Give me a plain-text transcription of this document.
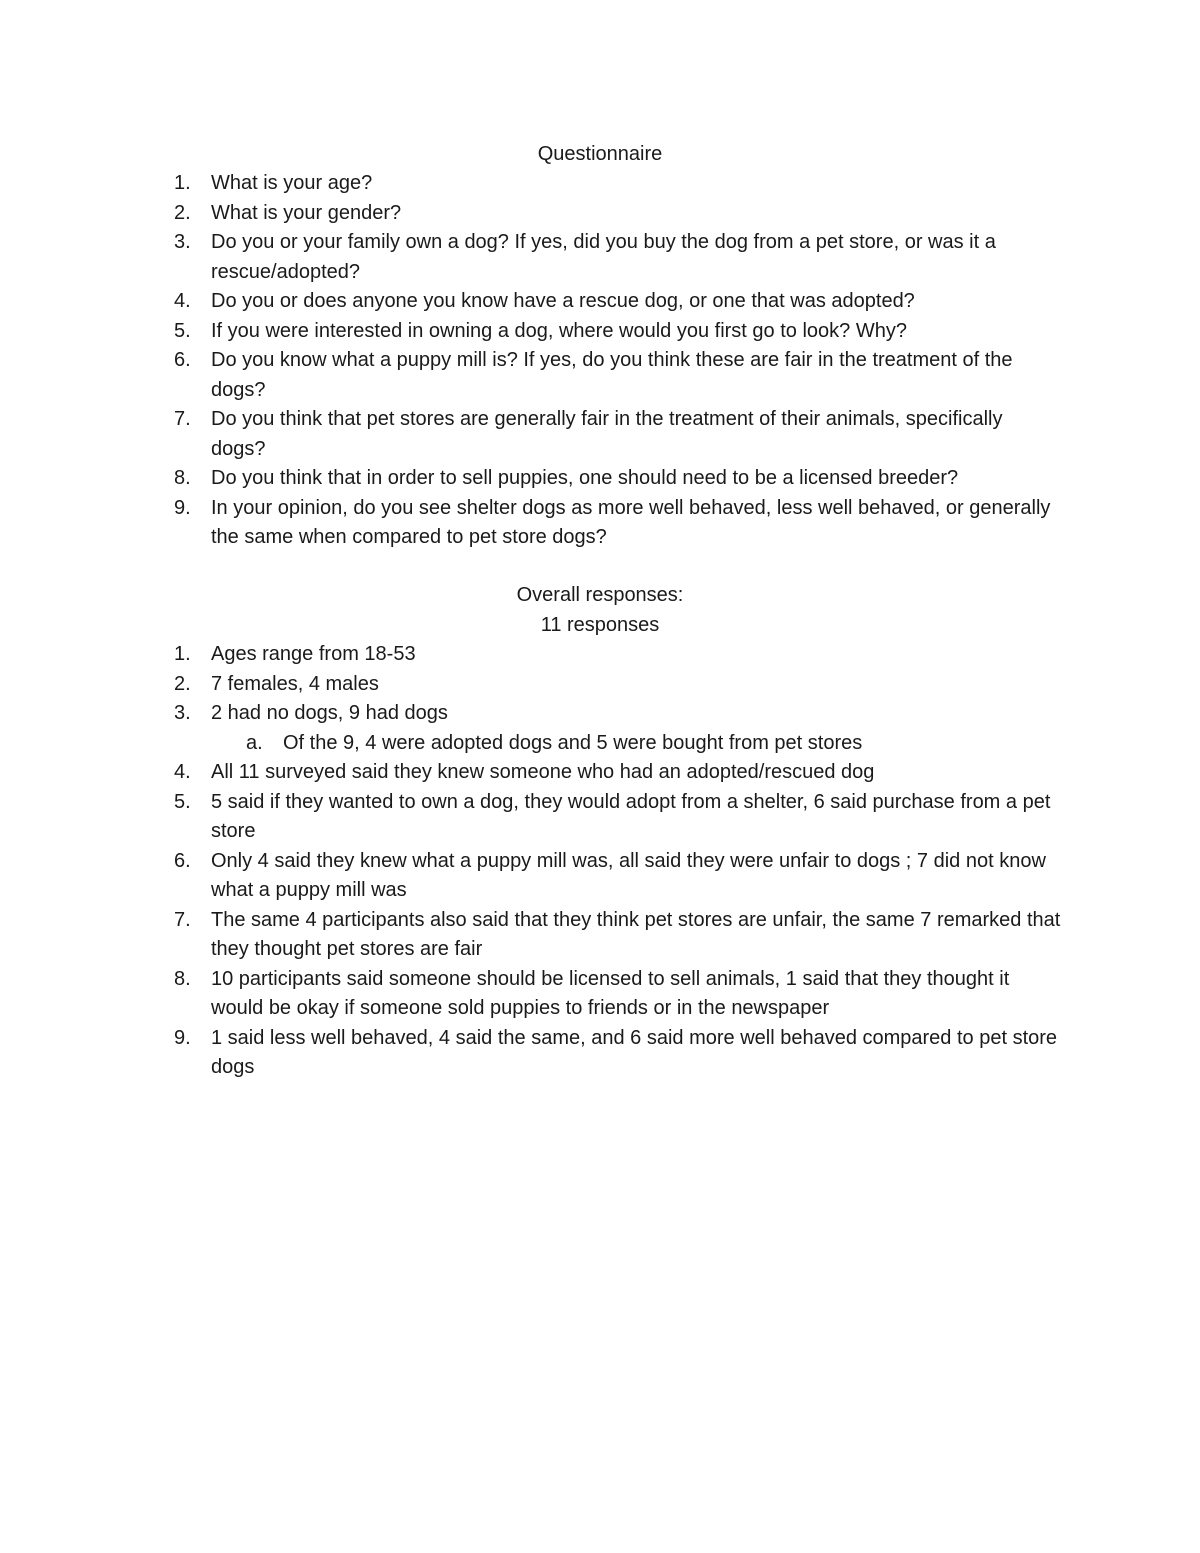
Questionnaire
1. What is your age?
2. What is your gender?
3. Do you or your family own a dog? If yes, did you buy the dog from a pet store, or was it a rescue/adopted?
4. Do you or does anyone you know have a rescue dog, or one that was adopted?
5. If you were interested in owning a dog, where would you first go to look? Why?
6. Do you know what a puppy mill is? If yes, do you think these are fair in the treatment of the dogs?
7. Do you think that pet stores are generally fair in the treatment of their animals, specifically dogs?
8. Do you think that in order to sell puppies, one should need to be a licensed breeder?
9. In your opinion, do you see shelter dogs as more well behaved, less well behaved, or generally the same when compared to pet store dogs?
Overall responses:

11 responses

1. Ages range from 18-53
2. 7 females, 4 males
3. 2 had no dogs, 9 had dogs
a. Of the 9, 4 were adopted dogs and 5 were bought from pet stores
4. All 11 surveyed said they knew someone who had an adopted/rescued dog
5. 5 said if they wanted to own a dog, they would adopt from a shelter, 6 said purchase from a pet store
6. Only 4 said they knew what a puppy mill was, all said they were unfair to dogs ; 7 did not know what a puppy mill was
7. The same 4 participants also said that they think pet stores are unfair, the same 7 remarked that they thought pet stores are fair
8. 10 participants said someone should be licensed to sell animals, 1 said that they thought it would be okay if someone sold puppies to friends or in the newspaper
9. 1 said less well behaved, 4 said the same, and 6 said more well behaved compared to pet store dogs
